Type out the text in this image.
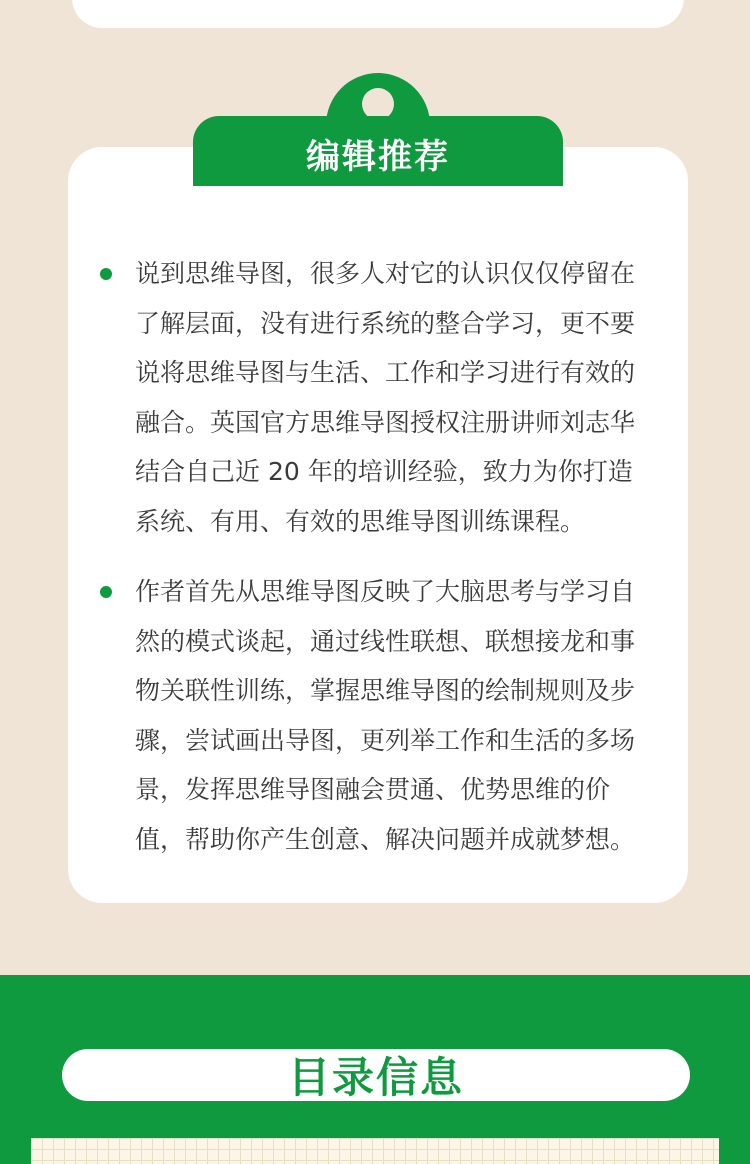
编辑推荐
说到思维导图，很多人对它的认识仅仅停留在了解层面，没有进行系统的整合学习，更不要说将思维导图与生活、工作和学习进行有效的融合。英国官方思维导图授权注册讲师刘志华结合自己近 20 年的培训经验，致力为你打造系统、有用、有效的思维导图训练课程。
作者首先从思维导图反映了大脑思考与学习自然的模式谈起，通过线性联想、联想接龙和事物关联性训练，掌握思维导图的绘制规则及步骤，尝试画出导图，更列举工作和生活的多场景，发挥思维导图融会贯通、优势思维的价值，帮助你产生创意、解决问题并成就梦想。
目录信息
